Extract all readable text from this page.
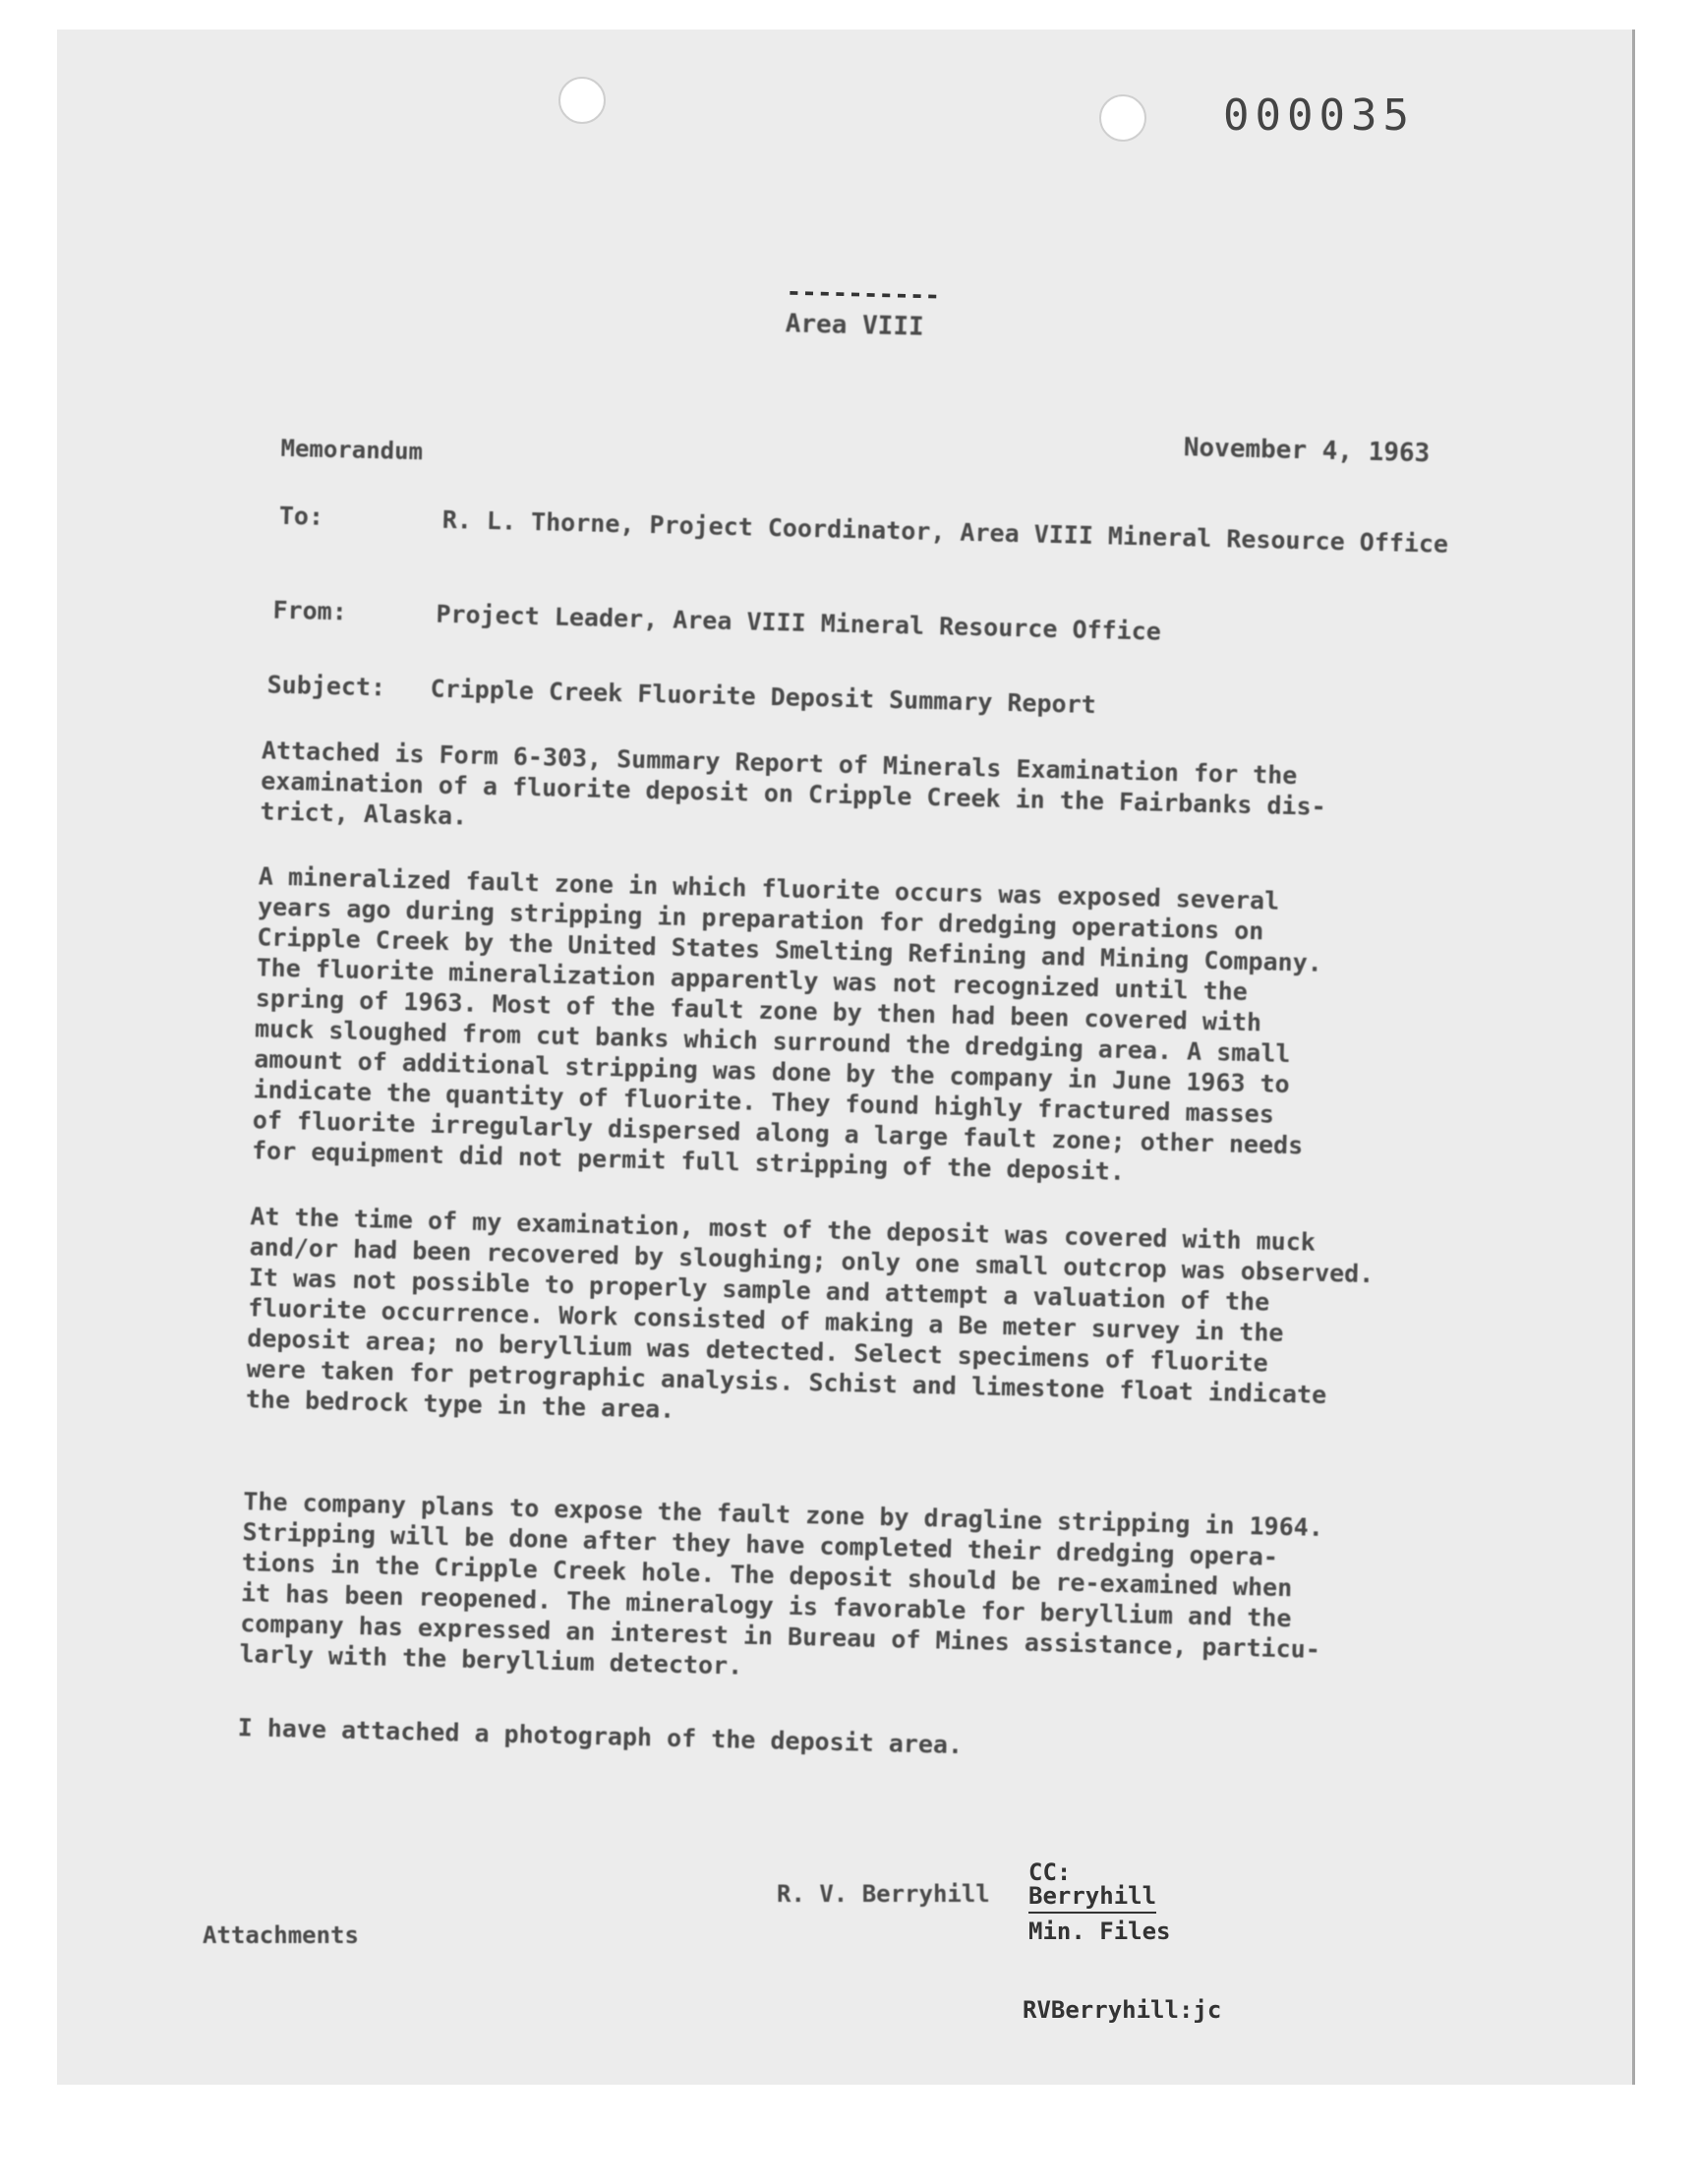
000035
----------
Area VIII
November 4, 1963
Memorandum
To:	R. L. Thorne, Project Coordinator, Area VIII Mineral Resource Office
From:	Project Leader, Area VIII Mineral Resource Office
Subject: Cripple Creek Fluorite Deposit Summary Report
Attached is Form 6-303, Summary Report of Minerals Examination for the
examination of a fluorite deposit on Cripple Creek in the Fairbanks dis-
trict, Alaska.
A mineralized fault zone in which fluorite occurs was exposed several
years ago during stripping in preparation for dredging operations on
Cripple Creek by the United States Smelting Refining and Mining Company.
The fluorite mineralization apparently was not recognized until the
spring of 1963. Most of the fault zone by then had been covered with
muck sloughed from cut banks which surround the dredging area. A small
amount of additional stripping was done by the company in June 1963 to
indicate the quantity of fluorite. They found highly fractured masses
of fluorite irregularly dispersed along a large fault zone; other needs
for equipment did not permit full stripping of the deposit.
At the time of my examination, most of the deposit was covered with muck
and/or had been recovered by sloughing; only one small outcrop was observed.
It was not possible to properly sample and attempt a valuation of the
fluorite occurrence. Work consisted of making a Be meter survey in the
deposit area; no beryllium was detected. Select specimens of fluorite
were taken for petrographic analysis. Schist and limestone float indicate
the bedrock type in the area.
The company plans to expose the fault zone by dragline stripping in 1964.
Stripping will be done after they have completed their dredging opera-
tions in the Cripple Creek hole. The deposit should be re-examined when
it has been reopened. The mineralogy is favorable for beryllium and the
company has expressed an interest in Bureau of Mines assistance, particu-
larly with the beryllium detector.
I have attached a photograph of the deposit area.
CC:
R. V. Berryhill Berryhill
Min. Files
Attachments
RVBerryhill:jc
